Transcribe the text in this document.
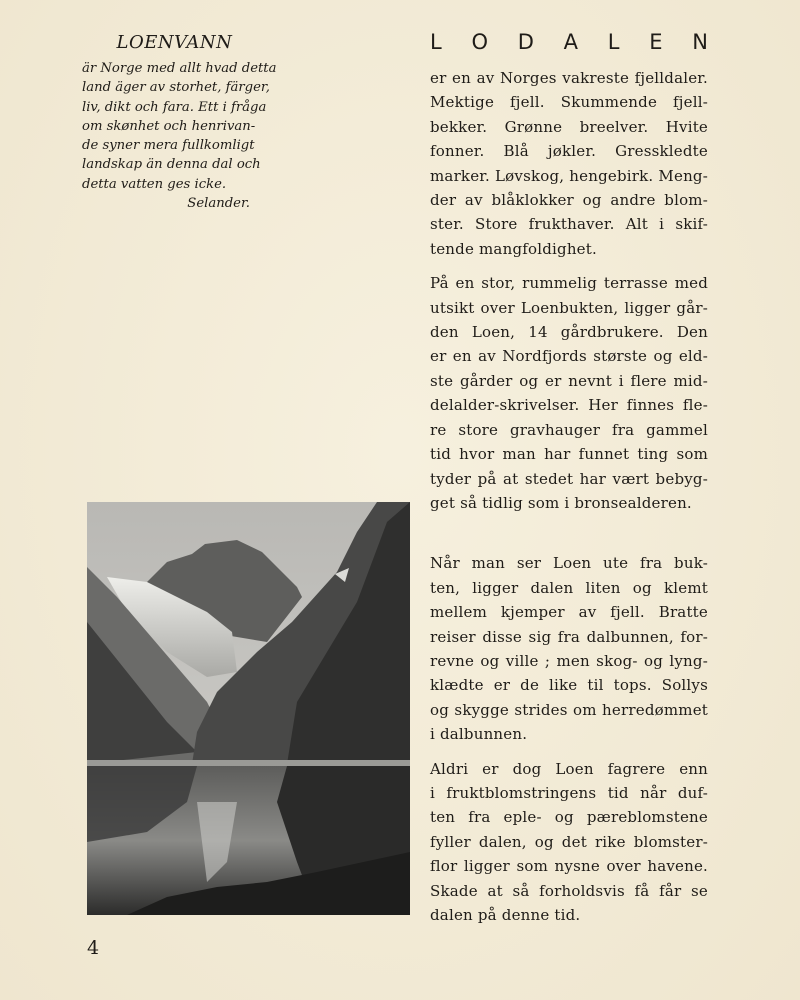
LOENVANN
är Norge med allt hvad detta
land äger av storhet, färger,
liv, dikt och fara. Ett i fråga
om skønhet och henrivan-
de syner mera fullkomligt
landskap än denna dal och
detta vatten ges icke.
Selander.
L O D A L E N

er en av Norges vakreste fjelldaler.

Mektige fjell. Skummende fjell-

bekker. Grønne breelver. Hvite

fonner. Blå jøkler. Gresskledte

marker. Løvskog, hengebirk. Meng-

der av blåklokker og andre blom-

ster. Store frukthaver. Alt i skif-

tende mangfoldighet.

På en stor, rummelig terrasse med

utsikt over Loenbukten, ligger går-

den Loen, 14 gårdbrukere. Den

er en av Nordfjords største og eld-

ste gårder og er nevnt i flere mid-

delalder-skrivelser. Her finnes fle-

re store gravhauger fra gammel

tid hvor man har funnet ting som

tyder på at stedet har vært bebyg-

get så tidlig som i bronsealderen.

Når man ser Loen ute fra buk-

ten, ligger dalen liten og klemt

mellem kjemper av fjell. Bratte

reiser disse sig fra dalbunnen, for-

revne og ville ; men skog- og lyng-

klædte er de like til tops. Sollys

og skygge strides om herredømmet

i dalbunnen.

Aldri er dog Loen fagrere enn

i fruktblomstringens tid når duf-

ten fra eple- og pæreblomstene

fyller dalen, og det rike blomster-

flor ligger som nysne over havene.

Skade at så forholdsvis få får se

dalen på denne tid.

4
